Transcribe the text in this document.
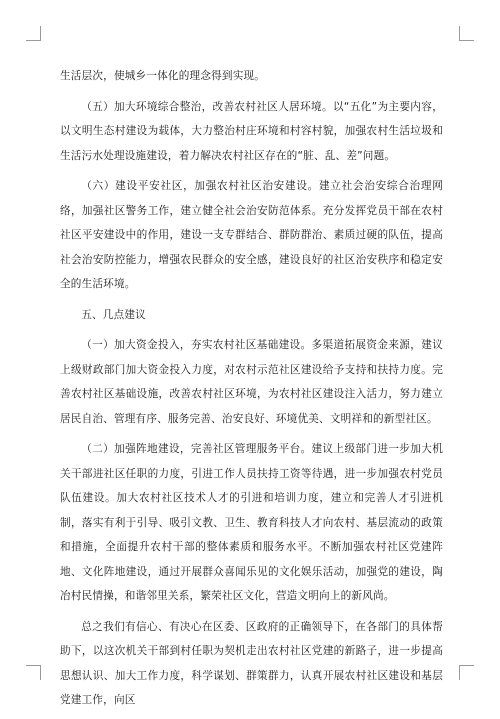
生活层次，使城乡一体化的理念得到实现。

（五）加大环境综合整治，改善农村社区人居环境。以“五化”为主要内容，以文明生态村建设为载体，大力整治村庄环境和村容村貌，加强农村生活垃圾和生活污水处理设施建设，着力解决农村社区存在的“脏、乱、差”问题。

（六）建设平安社区，加强农村社区治安建设。建立社会治安综合治理网络，加强社区警务工作，建立健全社会治安防范体系。充分发挥党员干部在农村社区平安建设中的作用，建设一支专群结合、群防群治、素质过硬的队伍，提高社会治安防控能力，增强农民群众的安全感，建设良好的社区治安秩序和稳定安全的生活环境。

五、几点建议

（一）加大资金投入，夯实农村社区基础建设。多渠道拓展资金来源，建议上级财政部门加大资金投入力度，对农村示范社区建设给予支持和扶持力度。完善农村社区基础设施，改善农村社区环境，为农村社区建设注入活力，努力建立居民自治、管理有序、服务完善、治安良好、环境优美、文明祥和的新型社区。

（二）加强阵地建设，完善社区管理服务平台。建议上级部门进一步加大机关干部进社区任职的力度，引进工作人员扶持工资等待遇，进一步加强农村党员队伍建设。加大农村社区技术人才的引进和培训力度，建立和完善人才引进机制，落实有利于引导、吸引文教、卫生、教育科技人才向农村、基层流动的政策和措施，全面提升农村干部的整体素质和服务水平。不断加强农村社区党建阵地、文化阵地建设，通过开展群众喜闻乐见的文化娱乐活动，加强党的建设，陶冶村民情操，和谐邻里关系，繁荣社区文化，营造文明向上的新风尚。

总之我们有信心、有决心在区委、区政府的正确领导下，在各部门的具体帮助下，以这次机关干部到村任职为契机走出农村社区党建的新路子，进一步提高思想认识、加大工作力度，科学谋划、群策群力，认真开展农村社区建设和基层党建工作，向区
